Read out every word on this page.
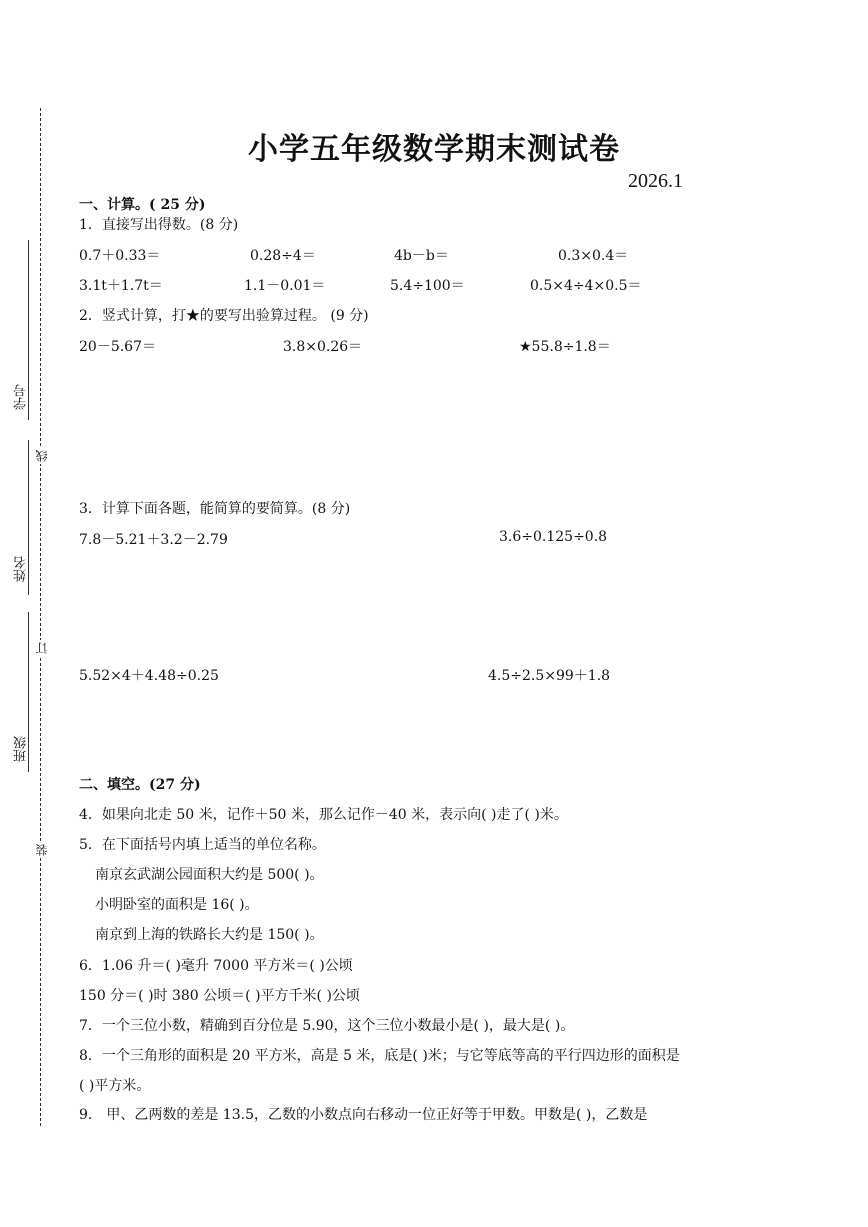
学号
姓名
班级
线
订
装
小学五年级数学期末测试卷
2026.1
一、计算。( 25 分)
1．直接写出得数。(8 分)
0.7＋0.33＝	0.28÷4＝	4b－b＝	0.3×0.4＝
3.1t＋1.7t＝	1.1－0.01＝	5.4÷100＝	0.5×4÷4×0.5＝
2．竖式计算，打★的要写出验算过程。 (9 分)
20－5.67＝	3.8×0.26＝	★55.8÷1.8＝
3．计算下面各题，能简算的要简算。(8 分)
7.8－5.21＋3.2－2.79	3.6÷0.125÷0.8
5.52×4＋4.48÷0.25	4.5÷2.5×99＋1.8
二、填空。(27 分)
4．如果向北走 50 米，记作＋50 米，那么记作－40 米，表示向( )走了( )米。
5．在下面括号内填上适当的单位名称。
南京玄武湖公园面积大约是 500( )。
小明卧室的面积是 16( )。
南京到上海的铁路长大约是 150( )。
6．1.06 升＝( )毫升 7000 平方米＝( )公顷
150 分＝( )时 380 公顷＝( )平方千米( )公顷
7．一个三位小数，精确到百分位是 5.90，这个三位小数最小是( )，最大是( )。
8．一个三角形的面积是 20 平方米，高是 5 米，底是( )米；与它等底等高的平行四边形的面积是
( )平方米。
9． 甲、乙两数的差是 13.5，乙数的小数点向右移动一位正好等于甲数。甲数是( )，乙数是
